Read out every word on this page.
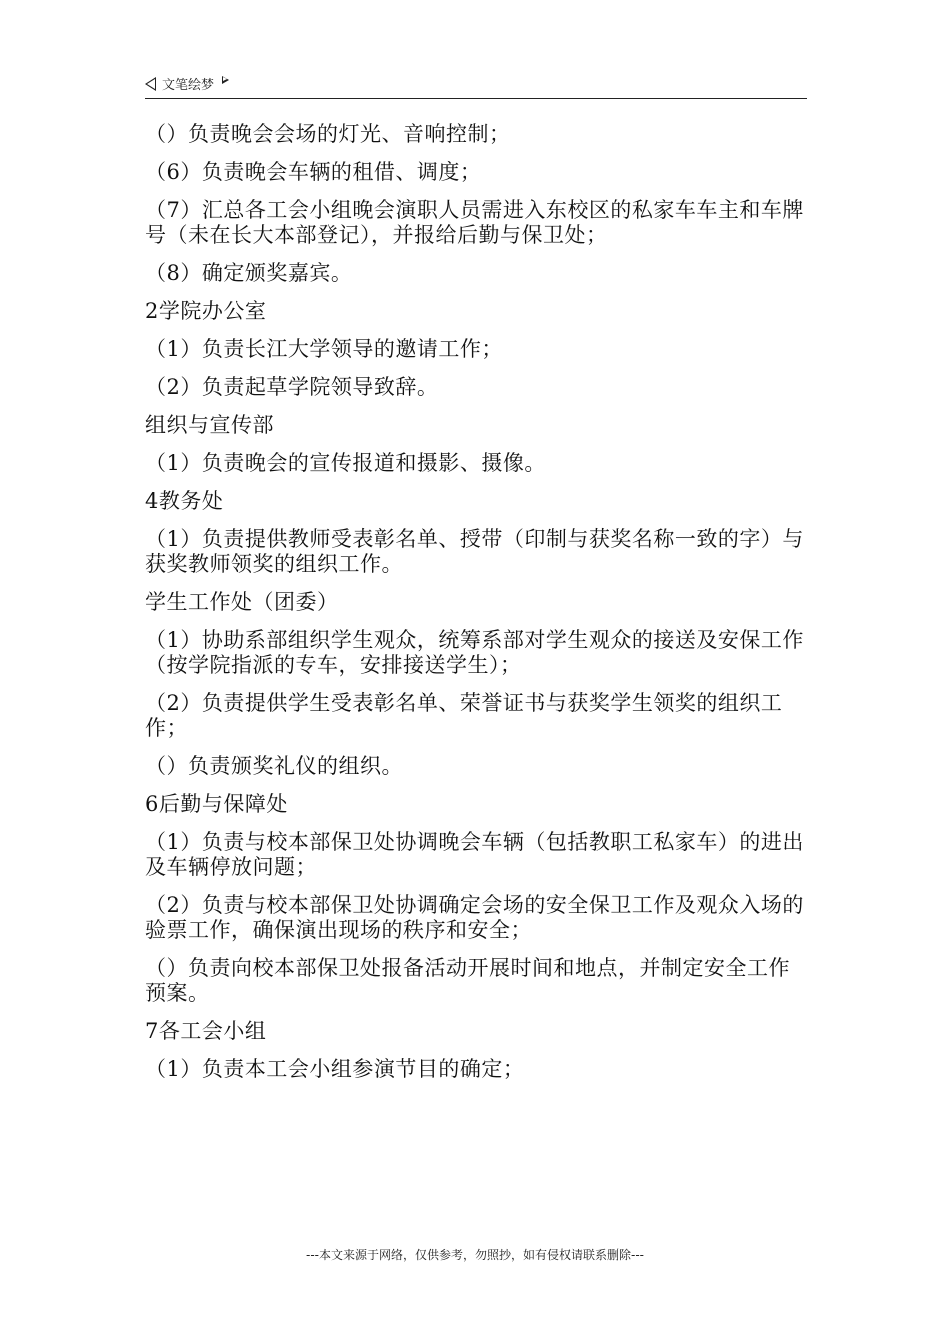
文笔绘梦

（）负责晚会会场的灯光、音响控制；

（6）负责晚会车辆的租借、调度；

（7）汇总各工会小组晚会演职人员需进入东校区的私家车车主和车牌号（未在长大本部登记），并报给后勤与保卫处；

（8）确定颁奖嘉宾。

2学院办公室

（1）负责长江大学领导的邀请工作；

（2）负责起草学院领导致辞。

组织与宣传部

（1）负责晚会的宣传报道和摄影、摄像。

4教务处

（1）负责提供教师受表彰名单、授带（印制与获奖名称一致的字）与获奖教师领奖的组织工作。

学生工作处（团委）

（1）协助系部组织学生观众，统筹系部对学生观众的接送及安保工作（按学院指派的专车，安排接送学生）；

（2）负责提供学生受表彰名单、荣誉证书与获奖学生领奖的组织工作；

（）负责颁奖礼仪的组织。

6后勤与保障处

（1）负责与校本部保卫处协调晚会车辆（包括教职工私家车）的进出及车辆停放问题；

（2）负责与校本部保卫处协调确定会场的安全保卫工作及观众入场的验票工作，确保演出现场的秩序和安全；

（）负责向校本部保卫处报备活动开展时间和地点，并制定安全工作预案。

7各工会小组

（1）负责本工会小组参演节目的确定；

---本文来源于网络，仅供参考，勿照抄，如有侵权请联系删除---
